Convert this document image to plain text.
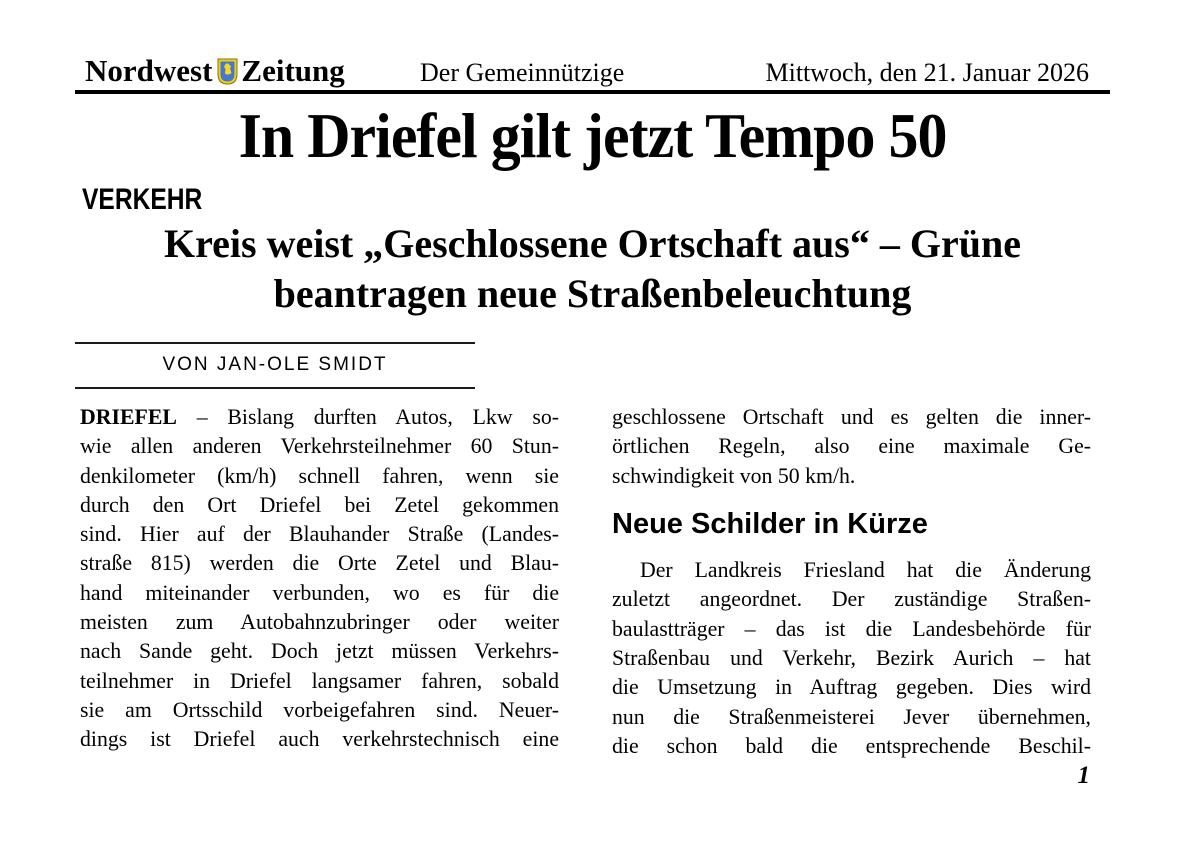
Nordwest Zeitung	Der Gemeinnützige	Mittwoch, den 21. Januar 2026
In Driefel gilt jetzt Tempo 50
VERKEHR
Kreis weist „Geschlossene Ortschaft aus“ – Grüne
beantragen neue Straßenbeleuchtung
VON JAN-OLE SMIDT
DRIEFEL – Bislang durften Autos, Lkw so-
wie allen anderen Verkehrsteilnehmer 60 Stun-
denkilometer (km/h) schnell fahren, wenn sie
durch den Ort Driefel bei Zetel gekommen
sind. Hier auf der Blauhander Straße (Landes-
straße 815) werden die Orte Zetel und Blau-
hand miteinander verbunden, wo es für die
meisten zum Autobahnzubringer oder weiter
nach Sande geht. Doch jetzt müssen Verkehrs-
teilnehmer in Driefel langsamer fahren, sobald
sie am Ortsschild vorbeigefahren sind. Neuer-
dings ist Driefel auch verkehrstechnisch eine
geschlossene Ortschaft und es gelten die inner-
örtlichen Regeln, also eine maximale Ge-
schwindigkeit von 50 km/h.
Neue Schilder in Kürze
Der Landkreis Friesland hat die Änderung
zuletzt angeordnet. Der zuständige Straßen-
baulastträger – das ist die Landesbehörde für
Straßenbau und Verkehr, Bezirk Aurich – hat
die Umsetzung in Auftrag gegeben. Dies wird
nun die Straßenmeisterei Jever übernehmen,
die schon bald die entsprechende Beschil-
1
